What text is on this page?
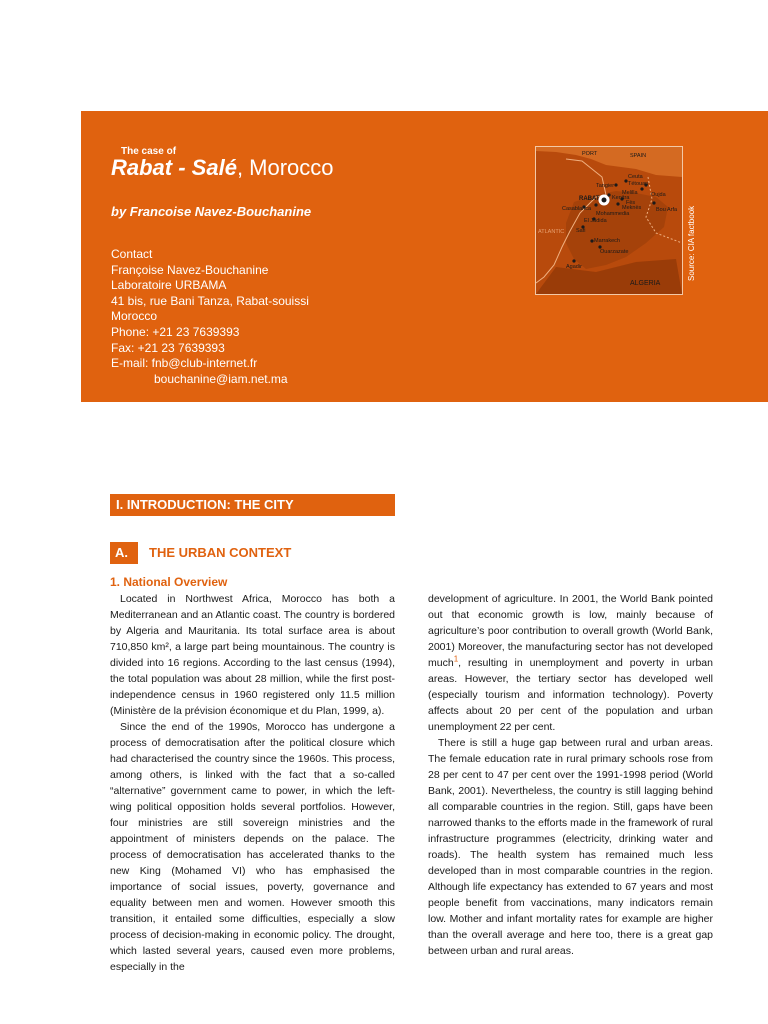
The case of
Rabat - Salé, Morocco
by Francoise Navez-Bouchanine
Contact
Françoise Navez-Bouchanine
Laboratoire URBAMA
41 bis, rue Bani Tanza, Rabat-souissi
Morocco
Phone: +21 23 7639393
Fax: +21 23 7639393
E-mail: fnb@club-internet.fr
bouchanine@iam.net.ma
PORT	SPAIN
Ceuta
Tétouan
Tangier
Melilla Oujda
RABAT Kenitra
Fès
Meknès
Casablanca
Mohammedia
El Jadida
Safi
Bou Arfa
Marrakech
Ouarzazate
Agadir
ATLANTIC
ALGERIA
Source: CIA factbook
I. INTRODUCTION: THE CITY
A. THE URBAN CONTEXT
1. National Overview

Located in Northwest Africa, Morocco has both a Mediterranean and an Atlantic coast. The country is bordered by Algeria and Mauritania. Its total surface area is about 710,850 km², a large part being mountainous. The country is divided into 16 regions. According to the last census (1994), the total population was about 28 million, while the first post-independence census in 1960 registered only 11.5 million (Ministère de la prévision économique et du Plan, 1999, a).

Since the end of the 1990s, Morocco has undergone a process of democratisation after the political closure which had characterised the country since the 1960s. This process, among others, is linked with the fact that a so-called “alternative” government came to power, in which the left-wing political opposition holds several portfolios. However, four ministries are still sovereign ministries and the appointment of ministers depends on the palace. The process of democratisation has accelerated thanks to the new King (Mohamed VI) who has emphasised the importance of social issues, poverty, governance and equality between men and women. However smooth this transition, it entailed some difficulties, especially a slow process of decision-making in economic policy. The drought, which lasted several years, caused even more problems, especially in the

development of agriculture. In 2001, the World Bank pointed out that economic growth is low, mainly because of agriculture’s poor contribution to overall growth (World Bank, 2001) Moreover, the manufacturing sector has not developed much$^1$, resulting in unemployment and poverty in urban areas. However, the tertiary sector has developed well (especially tourism and information technology). Poverty affects about 20 per cent of the population and urban unemployment 22 per cent.

There is still a huge gap between rural and urban areas. The female education rate in rural primary schools rose from 28 per cent to 47 per cent over the 1991-1998 period (World Bank, 2001). Nevertheless, the country is still lagging behind all comparable countries in the region. Still, gaps have been narrowed thanks to the efforts made in the framework of rural infrastructure programmes (electricity, drinking water and roads). The health system has remained much less developed than in most comparable countries in the region. Although life expectancy has extended to 67 years and most people benefit from vaccinations, many indicators remain low. Mother and infant mortality rates for example are higher than the overall average and here too, there is a great gap between urban and rural areas.
